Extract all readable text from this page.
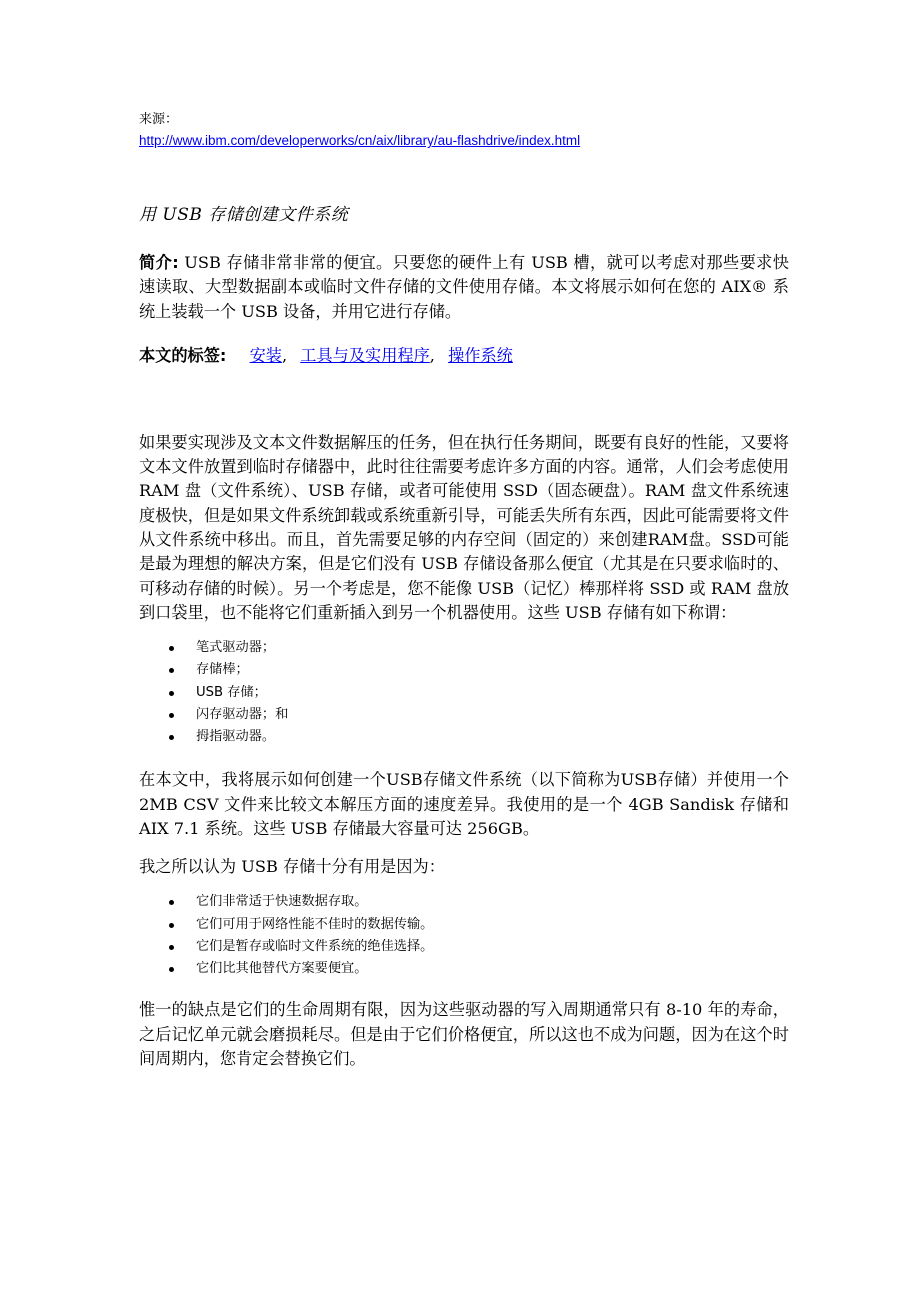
来源：

http://www.ibm.com/developerworks/cn/aix/library/au-flashdrive/index.html

用 USB 存储创建文件系统

简介: USB 存储非常非常的便宜。只要您的硬件上有 USB 槽，就可以考虑对那些要求快速读取、大型数据副本或临时文件存储的文件使用存储。本文将展示如何在您的 AIX® 系统上装载一个 USB 设备，并用它进行存储。

本文的标签: 安装, 工具与及实用程序, 操作系统

如果要实现涉及文本文件数据解压的任务，但在执行任务期间，既要有良好的性能，又要将文本文件放置到临时存储器中，此时往往需要考虑许多方面的内容。通常，人们会考虑使用 RAM 盘（文件系统）、USB 存储，或者可能使用 SSD（固态硬盘）。RAM 盘文件系统速度极快，但是如果文件系统卸载或系统重新引导，可能丢失所有东西，因此可能需要将文件从文件系统中移出。而且，首先需要足够的内存空间（固定的）来创建RAM盘。SSD可能是最为理想的解决方案，但是它们没有 USB 存储设备那么便宜（尤其是在只要求临时的、可移动存储的时候）。另一个考虑是，您不能像 USB（记忆）棒那样将 SSD 或 RAM 盘放到口袋里，也不能将它们重新插入到另一个机器使用。这些 USB 存储有如下称谓：

笔式驱动器；
存储棒；
USB 存储；
闪存驱动器；和
拇指驱动器。

在本文中，我将展示如何创建一个USB存储文件系统（以下简称为USB存储）并使用一个 2MB CSV 文件来比较文本解压方面的速度差异。我使用的是一个 4GB Sandisk 存储和 AIX 7.1 系统。这些 USB 存储最大容量可达 256GB。

我之所以认为 USB 存储十分有用是因为：

它们非常适于快速数据存取。
它们可用于网络性能不佳时的数据传输。
它们是暂存或临时文件系统的绝佳选择。
它们比其他替代方案要便宜。

惟一的缺点是它们的生命周期有限，因为这些驱动器的写入周期通常只有 8-10 年的寿命，之后记忆单元就会磨损耗尽。但是由于它们价格便宜，所以这也不成为问题，因为在这个时间周期内，您肯定会替换它们。
